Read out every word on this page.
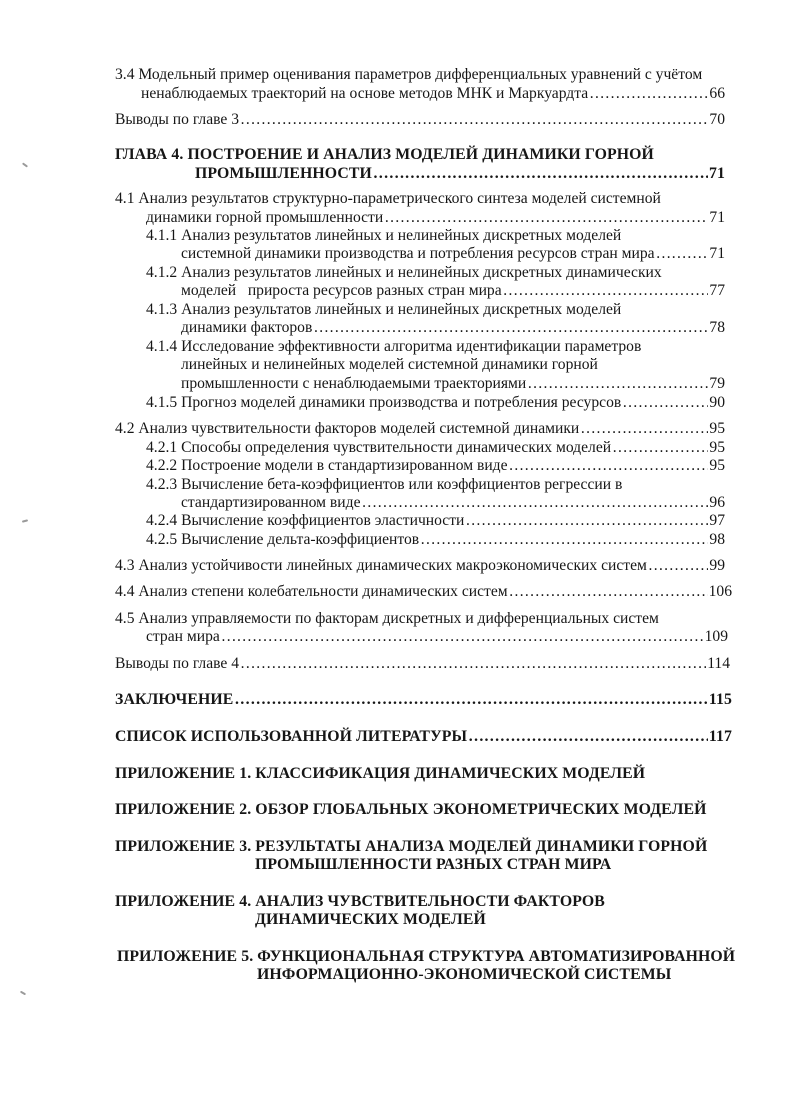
3.4 Модельный пример оценивания параметров дифференциальных уравнений с учётом
ненаблюдаемых траекторий на основе методов МНК и Маркуардта …………………………………………………………………………………………………………………………………………………………………………………………………………………………………	66
Выводы по главе 3 …………………………………………………………………………………………………………………………………………………………………………………………………………………………………	70
ГЛАВА 4. ПОСТРОЕНИЕ И АНАЛИЗ МОДЕЛЕЙ ДИНАМИКИ ГОРНОЙ
ПРОМЫШЛЕННОСТИ …………………………………………………………………………………………………………………………………………………………………………………………………………………………………	71
4.1 Анализ результатов структурно-параметрического синтеза моделей системной
динамики горной промышленности …………………………………………………………………………………………………………………………………………………………………………………………………………………………………	71
4.1.1 Анализ результатов линейных и нелинейных дискретных моделей
системной динамики производства и потребления ресурсов стран мира …………………………………………………………………………………………………………………………………………………………………………………………………………………………………	71
4.1.2 Анализ результатов линейных и нелинейных дискретных динамических
моделей   прироста ресурсов разных стран мира …………………………………………………………………………………………………………………………………………………………………………………………………………………………………	77
4.1.3 Анализ результатов линейных и нелинейных дискретных моделей
динамики факторов …………………………………………………………………………………………………………………………………………………………………………………………………………………………………	78
4.1.4 Исследование эффективности алгоритма идентификации параметров
линейных и нелинейных моделей системной динамики горной
промышленности с ненаблюдаемыми траекториями …………………………………………………………………………………………………………………………………………………………………………………………………………………………………	79
4.1.5 Прогноз моделей динамики производства и потребления ресурсов …………………………………………………………………………………………………………………………………………………………………………………………………………………………………	90
4.2 Анализ чувствительности факторов моделей системной динамики …………………………………………………………………………………………………………………………………………………………………………………………………………………………………	95
4.2.1 Способы определения чувствительности динамических моделей …………………………………………………………………………………………………………………………………………………………………………………………………………………………………	95
4.2.2 Построение модели в стандартизированном виде …………………………………………………………………………………………………………………………………………………………………………………………………………………………………	95
4.2.3 Вычисление бета-коэффициентов или коэффициентов регрессии в
стандартизированном виде …………………………………………………………………………………………………………………………………………………………………………………………………………………………………	96
4.2.4 Вычисление коэффициентов эластичности …………………………………………………………………………………………………………………………………………………………………………………………………………………………………	97
4.2.5 Вычисление дельта-коэффициентов …………………………………………………………………………………………………………………………………………………………………………………………………………………………………	98
4.3 Анализ устойчивости линейных динамических макроэкономических систем …………………………………………………………………………………………………………………………………………………………………………………………………………………………………	99
4.4 Анализ степени колебательности динамических систем …………………………………………………………………………………………………………………………………………………………………………………………………………………………………	106
4.5 Анализ управляемости по факторам дискретных и дифференциальных систем
стран мира …………………………………………………………………………………………………………………………………………………………………………………………………………………………………	109
Выводы по главе 4 …………………………………………………………………………………………………………………………………………………………………………………………………………………………………	114
ЗАКЛЮЧЕНИЕ …………………………………………………………………………………………………………………………………………………………………………………………………………………………………	115
СПИСОК ИСПОЛЬЗОВАННОЙ ЛИТЕРАТУРЫ …………………………………………………………………………………………………………………………………………………………………………………………………………………………………	117
ПРИЛОЖЕНИЕ 1. КЛАССИФИКАЦИЯ ДИНАМИЧЕСКИХ МОДЕЛЕЙ
ПРИЛОЖЕНИЕ 2. ОБЗОР ГЛОБАЛЬНЫХ ЭКОНОМЕТРИЧЕСКИХ МОДЕЛЕЙ
ПРИЛОЖЕНИЕ 3. РЕЗУЛЬТАТЫ АНАЛИЗА МОДЕЛЕЙ ДИНАМИКИ ГОРНОЙ
ПРОМЫШЛЕННОСТИ РАЗНЫХ СТРАН МИРА
ПРИЛОЖЕНИЕ 4. АНАЛИЗ ЧУВСТВИТЕЛЬНОСТИ ФАКТОРОВ
ДИНАМИЧЕСКИХ МОДЕЛЕЙ
ПРИЛОЖЕНИЕ 5. ФУНКЦИОНАЛЬНАЯ СТРУКТУРА АВТОМАТИЗИРОВАННОЙ
ИНФОРМАЦИОННО-ЭКОНОМИЧЕСКОЙ СИСТЕМЫ
